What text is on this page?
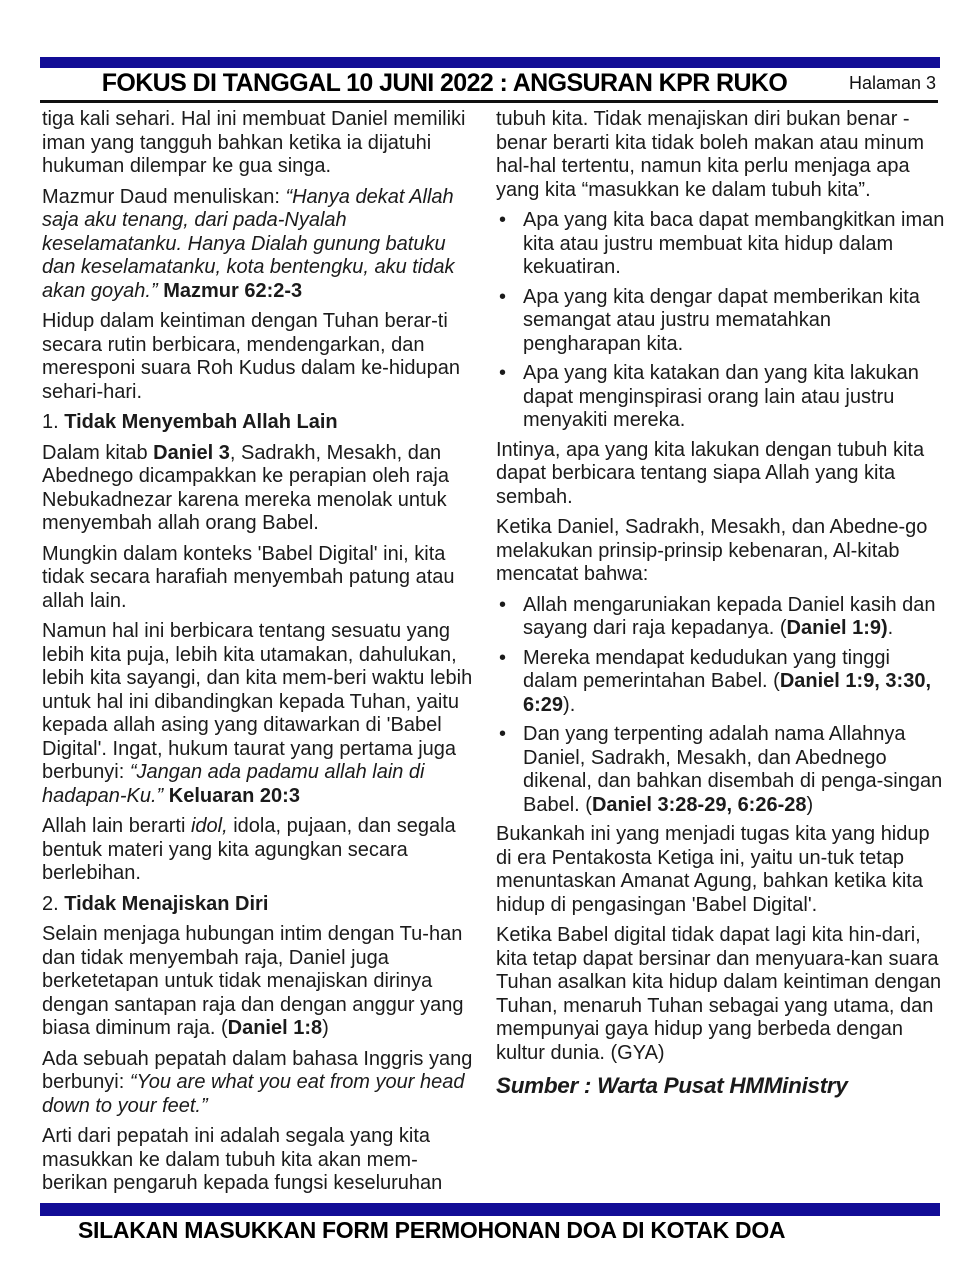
FOKUS DI TANGGAL 10 JUNI 2022 : ANGSURAN KPR RUKO	Halaman 3

tiga kali sehari. Hal ini membuat Daniel memiliki iman yang tangguh bahkan ketika ia dijatuhi hukuman dilempar ke gua singa.

Mazmur Daud menuliskan: “Hanya dekat Allah saja aku tenang, dari pada-Nyalah keselamatanku. Hanya Dialah gunung batuku dan keselamatanku, kota bentengku, aku tidak akan goyah.” Mazmur 62:2-3

Hidup dalam keintiman dengan Tuhan berar-ti secara rutin berbicara, mendengarkan, dan meresponi suara Roh Kudus dalam ke-hidupan sehari-hari.

1. Tidak Menyembah Allah Lain

Dalam kitab Daniel 3, Sadrakh, Mesakh, dan Abednego dicampakkan ke perapian oleh raja Nebukadnezar karena mereka menolak untuk menyembah allah orang Babel.

Mungkin dalam konteks 'Babel Digital' ini, kita tidak secara harafiah menyembah patung atau allah lain.

Namun hal ini berbicara tentang sesuatu yang lebih kita puja, lebih kita utamakan, dahulukan, lebih kita sayangi, dan kita mem-beri waktu lebih untuk hal ini dibandingkan kepada Tuhan, yaitu kepada allah asing yang ditawarkan di 'Babel Digital'. Ingat, hukum taurat yang pertama juga berbunyi: “Jangan ada padamu allah lain di hadapan-Ku.” Keluaran 20:3

Allah lain berarti idol, idola, pujaan, dan segala bentuk materi yang kita agungkan secara berlebihan.

2. Tidak Menajiskan Diri

Selain menjaga hubungan intim dengan Tu-han dan tidak menyembah raja, Daniel juga berketetapan untuk tidak menajiskan dirinya dengan santapan raja dan dengan anggur yang biasa diminum raja. (Daniel 1:8)

Ada sebuah pepatah dalam bahasa Inggris yang berbunyi: “You are what you eat from your head down to your feet.”

Arti dari pepatah ini adalah segala yang kita masukkan ke dalam tubuh kita akan mem-berikan pengaruh kepada fungsi keseluruhan

tubuh kita. Tidak menajiskan diri bukan benar -benar berarti kita tidak boleh makan atau minum hal-hal tertentu, namun kita perlu menjaga apa yang kita “masukkan ke dalam tubuh kita”.

• Apa yang kita baca dapat membangkitkan iman kita atau justru membuat kita hidup dalam kekuatiran.
• Apa yang kita dengar dapat memberikan kita semangat atau justru mematahkan pengharapan kita.
• Apa yang kita katakan dan yang kita lakukan dapat menginspirasi orang lain atau justru menyakiti mereka.

Intinya, apa yang kita lakukan dengan tubuh kita dapat berbicara tentang siapa Allah yang kita sembah.

Ketika Daniel, Sadrakh, Mesakh, dan Abedne-go melakukan prinsip-prinsip kebenaran, Al-kitab mencatat bahwa:

• Allah mengaruniakan kepada Daniel kasih dan sayang dari raja kepadanya. (Daniel 1:9).
• Mereka mendapat kedudukan yang tinggi dalam pemerintahan Babel. (Daniel 1:9, 3:30, 6:29).
• Dan yang terpenting adalah nama Allahnya Daniel, Sadrakh, Mesakh, dan Abednego dikenal, dan bahkan disembah di penga-singan Babel. (Daniel 3:28-29, 6:26-28)

Bukankah ini yang menjadi tugas kita yang hidup di era Pentakosta Ketiga ini, yaitu un-tuk tetap menuntaskan Amanat Agung, bahkan ketika kita hidup di pengasingan 'Babel Digital'.

Ketika Babel digital tidak dapat lagi kita hin-dari, kita tetap dapat bersinar dan menyuara-kan suara Tuhan asalkan kita hidup dalam keintiman dengan Tuhan, menaruh Tuhan sebagai yang utama, dan mempunyai gaya hidup yang berbeda dengan kultur dunia. (GYA)

Sumber : Warta Pusat HMMinistry

SILAKAN MASUKKAN FORM PERMOHONAN DOA DI KOTAK DOA
